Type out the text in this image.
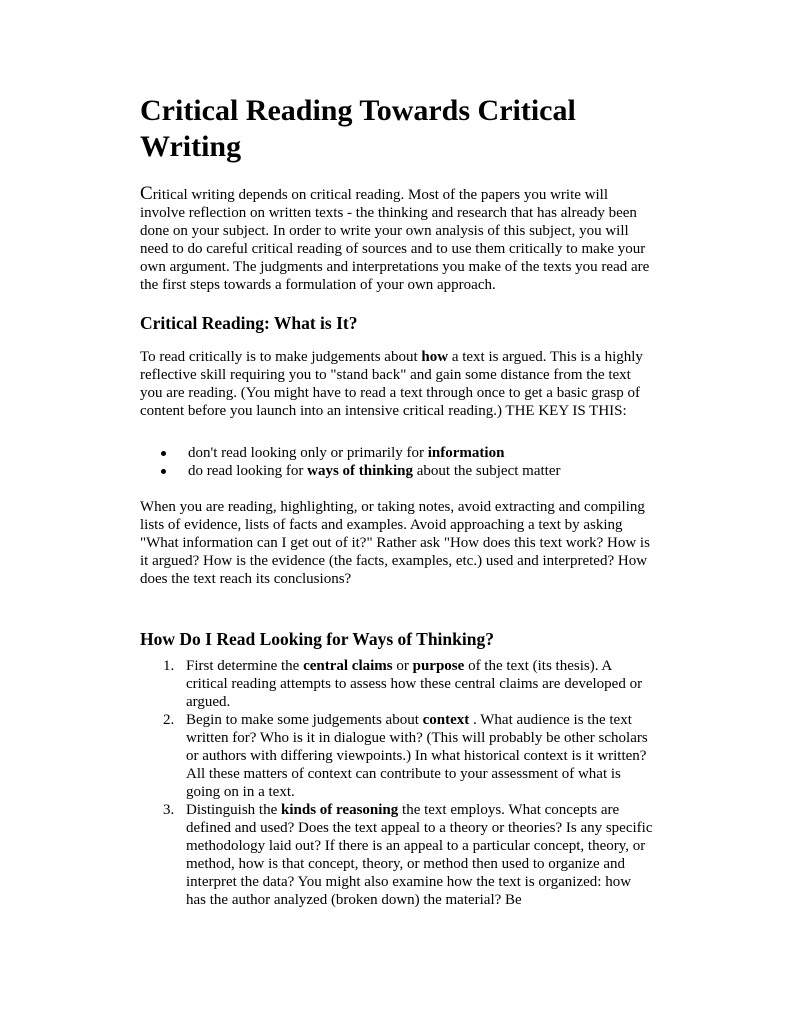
Critical Reading Towards Critical Writing

Critical writing depends on critical reading. Most of the papers you write will involve reflection on written texts - the thinking and research that has already been done on your subject. In order to write your own analysis of this subject, you will need to do careful critical reading of sources and to use them critically to make your own argument. The judgments and interpretations you make of the texts you read are the first steps towards a formulation of your own approach.

Critical Reading: What is It?

To read critically is to make judgements about how a text is argued. This is a highly reflective skill requiring you to "stand back" and gain some distance from the text you are reading. (You might have to read a text through once to get a basic grasp of content before you launch into an intensive critical reading.) THE KEY IS THIS:

don't read looking only or primarily for information
do read looking for ways of thinking about the subject matter

When you are reading, highlighting, or taking notes, avoid extracting and compiling lists of evidence, lists of facts and examples. Avoid approaching a text by asking "What information can I get out of it?" Rather ask "How does this text work? How is it argued? How is the evidence (the facts, examples, etc.) used and interpreted? How does the text reach its conclusions?

How Do I Read Looking for Ways of Thinking?
1. First determine the central claims or purpose of the text (its thesis). A critical reading attempts to assess how these central claims are developed or argued.
2. Begin to make some judgements about context . What audience is the text written for? Who is it in dialogue with? (This will probably be other scholars or authors with differing viewpoints.) In what historical context is it written? All these matters of context can contribute to your assessment of what is going on in a text.
3. Distinguish the kinds of reasoning the text employs. What concepts are defined and used? Does the text appeal to a theory or theories? Is any specific methodology laid out? If there is an appeal to a particular concept, theory, or method, how is that concept, theory, or method then used to organize and interpret the data? You might also examine how the text is organized: how has the author analyzed (broken down) the material? Be
